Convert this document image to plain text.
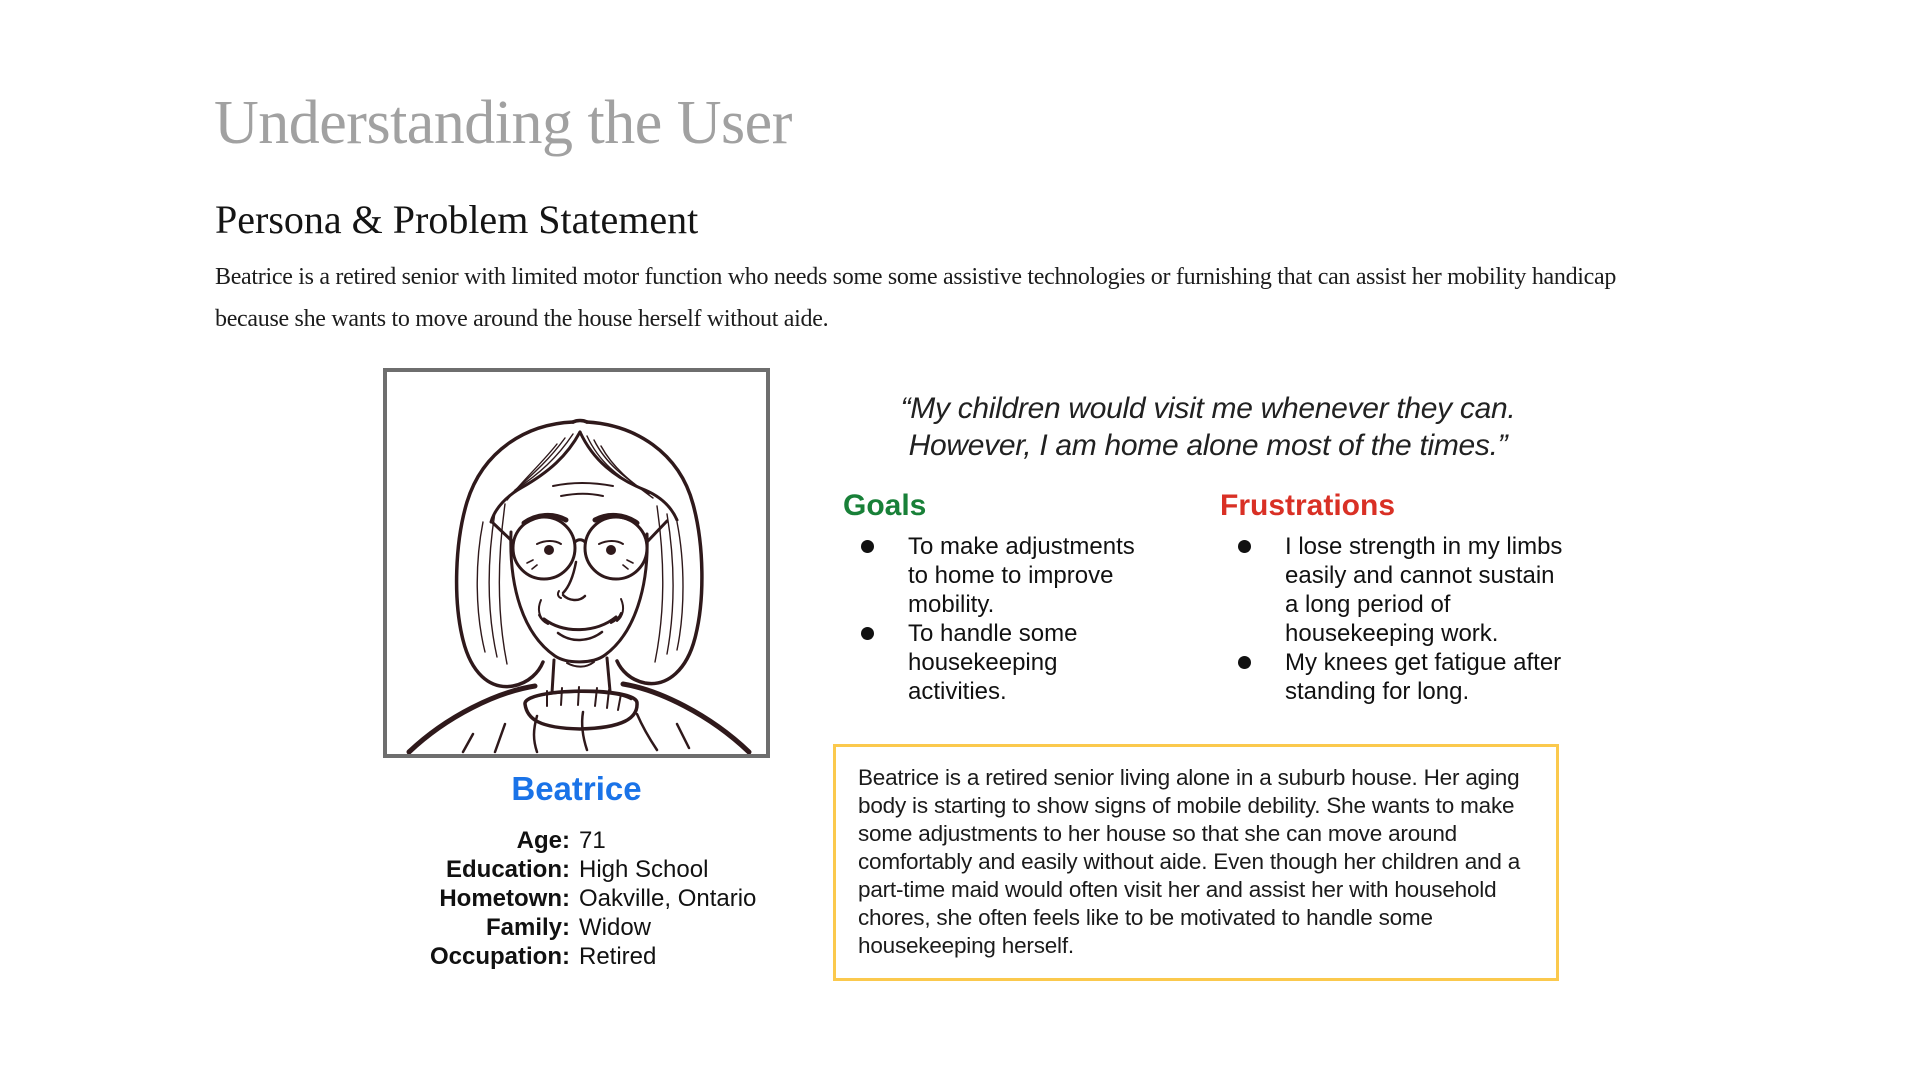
Understanding the User
Persona & Problem Statement
Beatrice is a retired senior with limited motor function who needs some some assistive technologies or furnishing that can assist her mobility handicap because she wants to move around the house herself without aide.
Beatrice
Age: 71
Education: High School
Hometown: Oakville, Ontario
Family: Widow
Occupation: Retired
“My children would visit me whenever they can. However, I am home alone most of the times.”
Goals
To make adjustments to home to improve mobility.
To handle some housekeeping activities.
Frustrations
I lose strength in my limbs easily and cannot sustain a long period of housekeeping work.
My knees get fatigue after standing for long.

Beatrice is a retired senior living alone in a suburb house. Her aging body is starting to show signs of mobile debility. She wants to make some adjustments to her house so that she can move around comfortably and easily without aide. Even though her children and a part-time maid would often visit her and assist her with household chores, she often feels like to be motivated to handle some housekeeping herself.
